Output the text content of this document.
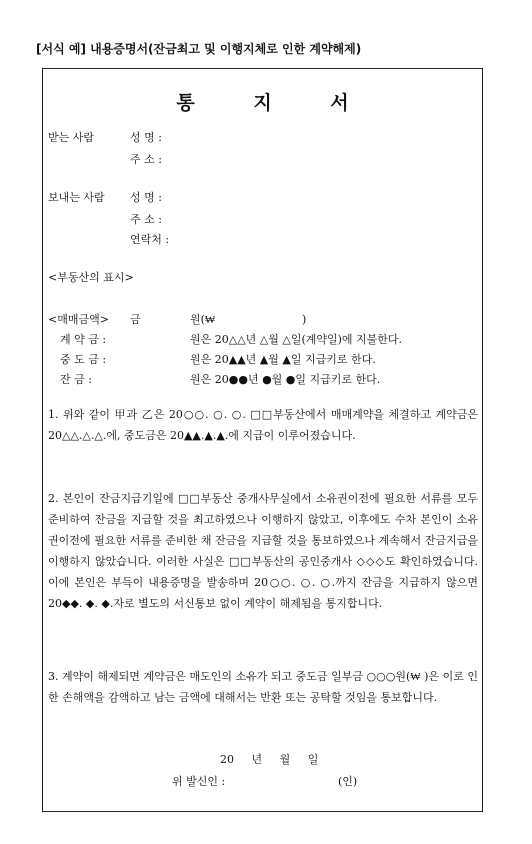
[서식 예] 내용증명서(잔금최고 및 이행지체로 인한 계약해제)
통 지 서
받는 사람	성 명 :
주 소 :
보내는 사람 성 명 :
주 소 :
연락처 :
<부동산의 표시>
<매매금액> 금	원(₩	)
계 약 금 :	원은 20△△년 △월 △일(계약일)에 지불한다.
중 도 금 :	원은 20▲▲년 ▲월 ▲일 지급키로 한다.
잔 금 :	원은 20●●년 ●월 ●일 지급키로 한다.
1. 위와 같이 甲과 乙은 20○○. ○. ○. □□부동산에서 매매계약을 체결하고 계약금은 20△△.△.△.에, 중도금은 20▲▲.▲.▲.에 지급이 이루어졌습니다.
2. 본인이 잔금지급기일에 □□부동산 중개사무실에서 소유권이전에 필요한 서류를 모두 준비하여 잔금을 지급할 것을 최고하였으나 이행하지 않았고, 이후에도 수차 본인이 소유권이전에 필요한 서류를 준비한 채 잔금을 지급할 것을 통보하였으나 계속해서 잔금지급을 이행하지 않았습니다. 이러한 사실은 □□부동산의 공인중개사 ◇◇◇도 확인하였습니다. 이에 본인은 부득이 내용증명을 발송하며 20○○. ○. ○.까지 잔금을 지급하지 않으면 20◆◆. ◆. ◆.자로 별도의 서신통보 없이 계약이 해제됨을 통지합니다.
3. 계약이 해제되면 계약금은 매도인의 소유가 되고 중도금 일부금 ○○○원(₩ )은 이로 인한 손해액을 감액하고 남는 금액에 대해서는 반환 또는 공탁할 것임을 통보합니다.
20 년 월 일
위 발신인 :	(인)
